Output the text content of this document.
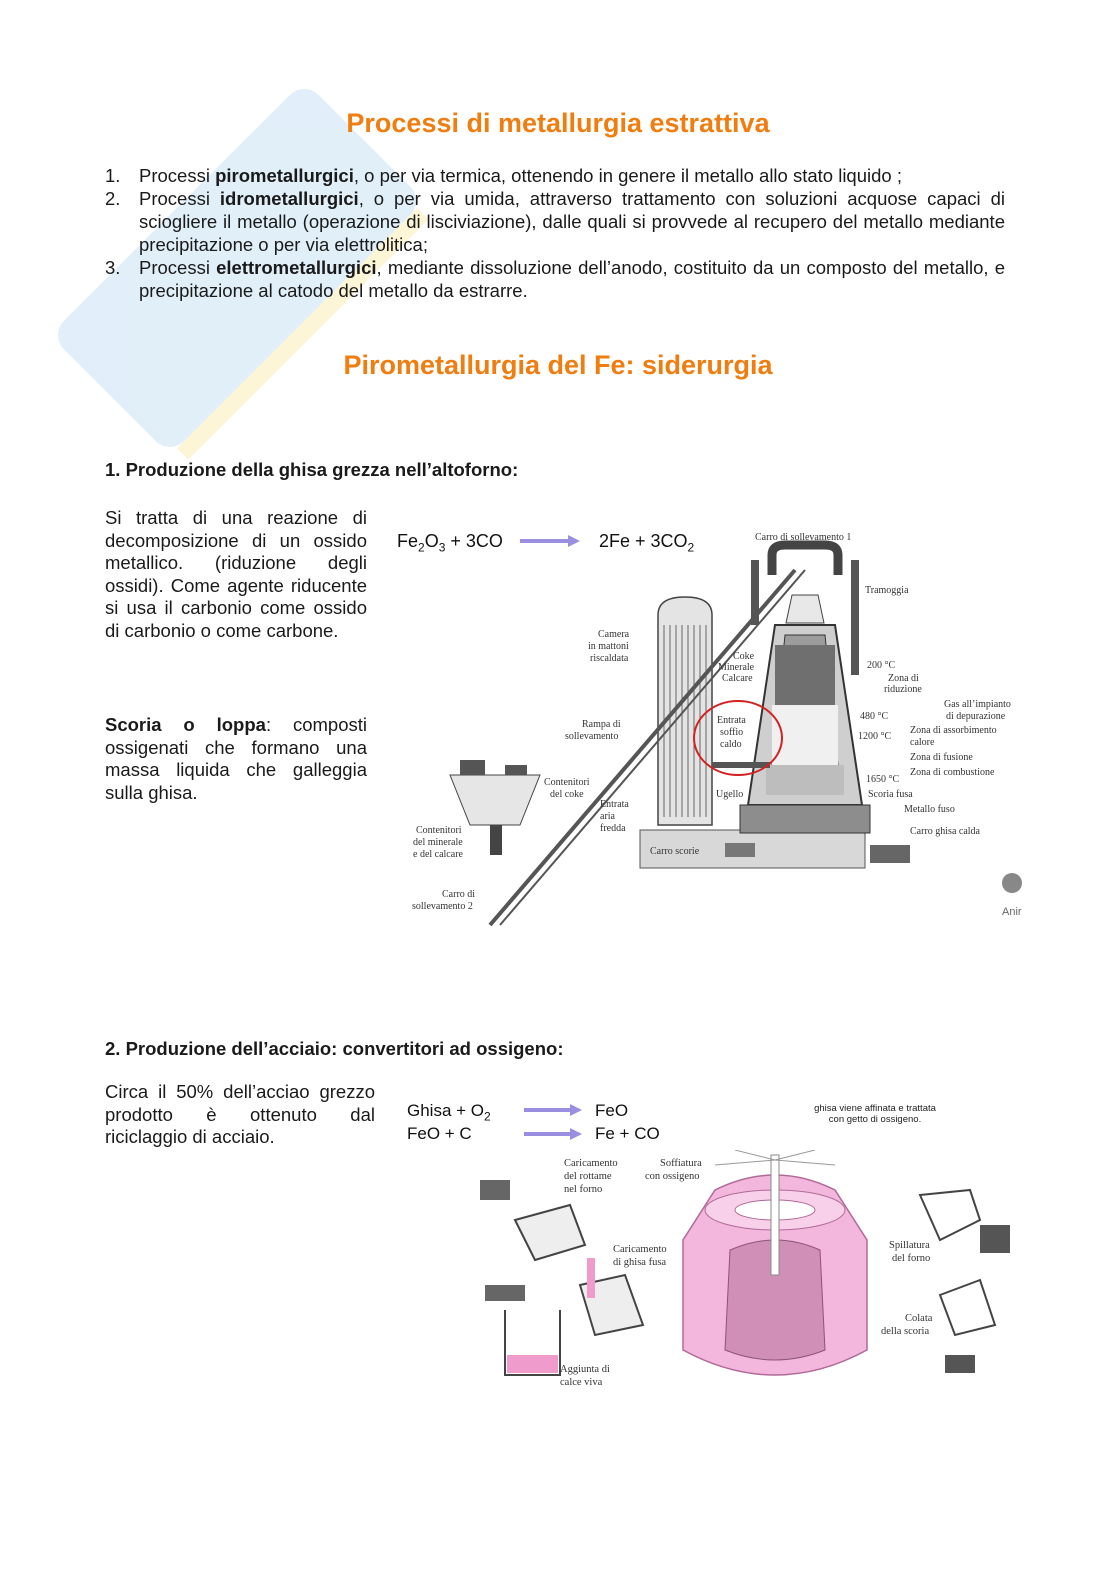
Processi di metallurgia estrattiva
1. Processi pirometallurgici, o per via termica, ottenendo in genere il metallo allo stato liquido ;
2. Processi idrometallurgici, o per via umida, attraverso trattamento con soluzioni acquose capaci di sciogliere il metallo (operazione di lisciviazione), dalle quali si provvede al recupero del metallo mediante precipitazione o per via elettrolitica;
3. Processi elettrometallurgici, mediante dissoluzione dell’anodo, costituito da un composto del metallo, e precipitazione al catodo del metallo da estrarre.
Pirometallurgia del Fe: siderurgia
1. Produzione della ghisa grezza nell’altoforno:

Si tratta di una reazione di decomposizione di un ossido metallico. (riduzione degli ossidi). Come agente riducente si usa il carbonio come ossido di carbonio o come carbone.

Scoria o loppa: composti ossigenati che formano una massa liquida che galleggia sulla ghisa.

$Fe_2O_3 + 3CO \to 2Fe + 3CO_2$
Carro di sollevamento 1
Tramoggia
Camera
in mattoni
riscaldata	Coke
Minerale
Calcare
200 °C
Zona di
riduzione
Gas all’impianto
di depurazione
Rampa di
sollevamento
Entrata
soffio
caldo
480 °C
1200 °C
Zona di assorbimento
calore
Zona di fusione
Zona di combustione
1650 °C
Contenitori
del coke	Ugello	Scoria fusa
Metallo fuso
Entrata
aria
fredda
Contenitori
del minerale
e del calcare	Carro scorie
Carro ghisa calda
Carro di
sollevamento 2	Anir
2. Produzione dell’acciaio: convertitori ad ossigeno:

Circa il 50% dell’acciao grezzo prodotto è ottenuto dal riciclaggio di acciaio.

Ghisa + $O_2$
FeO + C
FeO
Fe + CO
ghisa viene affinata e trattata
con getto di ossigeno.
Caricamento
del rottame
nel forno
Soffiatura
con ossigeno
Caricamento
di ghisa fusa
Spillatura
del forno
Colata
della scoria
Aggiunta di
calce viva
